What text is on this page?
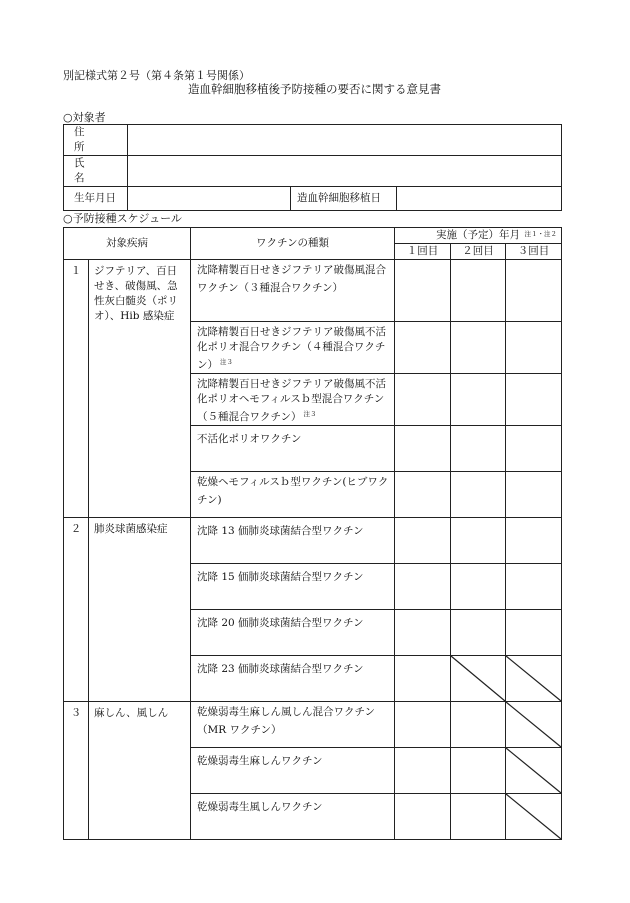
別記様式第２号（第４条第１号関係）
造血幹細胞移植後予防接種の要否に関する意見書
○対象者
住　所			
氏　名			
生年月日		造血幹細胞移植日	
○予防接種スケジュール
対象疾病		ワクチンの種類	実施（予定）年月 注１・注２		

			１回目	２回目	３回目
１	ジフテリア、百日せき、破傷風、急性灰白髄炎（ポリオ）、Hib 感染症	沈降精製百日せきジフテリア破傷風混合ワクチン（３種混合ワクチン）			
		沈降精製百日せきジフテリア破傷風不活化ポリオ混合ワクチン（４種混合ワクチン） $^{注3}$			
		沈降精製百日せきジフテリア破傷風不活化ポリオヘモフィルスｂ型混合ワクチン（５種混合ワクチン） $^{注3}$			
		不活化ポリオワクチン			
		乾燥ヘモフィルスｂ型ワクチン(ヒブワクチン)			
２	肺炎球菌感染症	沈降 13 価肺炎球菌結合型ワクチン			
		沈降 15 価肺炎球菌結合型ワクチン			
		沈降 20 価肺炎球菌結合型ワクチン			
		沈降 23 価肺炎球菌結合型ワクチン		

３	麻しん、風しん	乾燥弱毒生麻しん風しん混合ワクチン（MR ワクチン）			

		乾燥弱毒生麻しんワクチン			

		乾燥弱毒生風しんワクチン			
